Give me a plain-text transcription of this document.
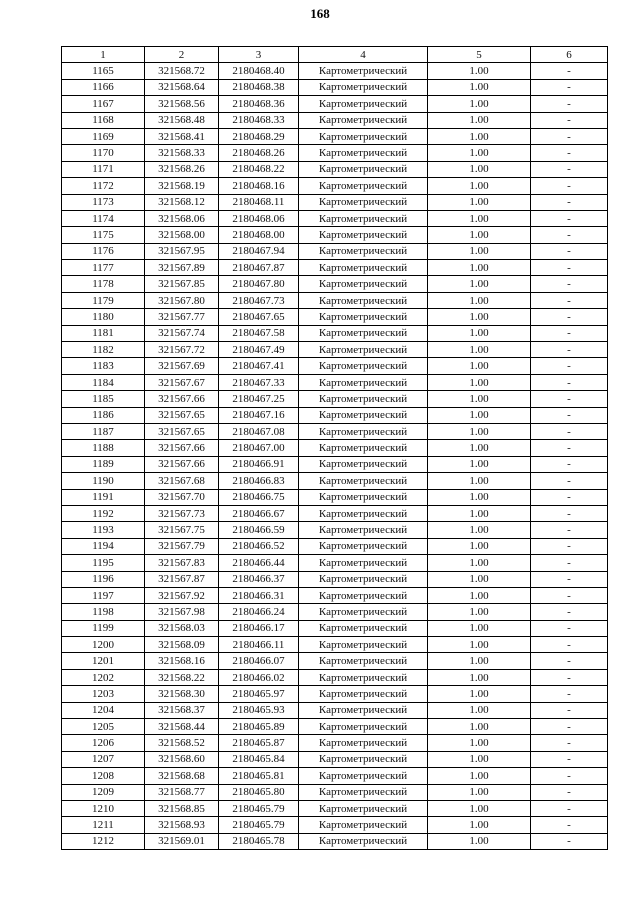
168
1	2	3	4	5	6
1165	321568.72	2180468.40	Картометрический	1.00	-
1166	321568.64	2180468.38	Картометрический	1.00	-
1167	321568.56	2180468.36	Картометрический	1.00	-
1168	321568.48	2180468.33	Картометрический	1.00	-
1169	321568.41	2180468.29	Картометрический	1.00	-
1170	321568.33	2180468.26	Картометрический	1.00	-
1171	321568.26	2180468.22	Картометрический	1.00	-
1172	321568.19	2180468.16	Картометрический	1.00	-
1173	321568.12	2180468.11	Картометрический	1.00	-
1174	321568.06	2180468.06	Картометрический	1.00	-
1175	321568.00	2180468.00	Картометрический	1.00	-
1176	321567.95	2180467.94	Картометрический	1.00	-
1177	321567.89	2180467.87	Картометрический	1.00	-
1178	321567.85	2180467.80	Картометрический	1.00	-
1179	321567.80	2180467.73	Картометрический	1.00	-
1180	321567.77	2180467.65	Картометрический	1.00	-
1181	321567.74	2180467.58	Картометрический	1.00	-
1182	321567.72	2180467.49	Картометрический	1.00	-
1183	321567.69	2180467.41	Картометрический	1.00	-
1184	321567.67	2180467.33	Картометрический	1.00	-
1185	321567.66	2180467.25	Картометрический	1.00	-
1186	321567.65	2180467.16	Картометрический	1.00	-
1187	321567.65	2180467.08	Картометрический	1.00	-
1188	321567.66	2180467.00	Картометрический	1.00	-
1189	321567.66	2180466.91	Картометрический	1.00	-
1190	321567.68	2180466.83	Картометрический	1.00	-
1191	321567.70	2180466.75	Картометрический	1.00	-
1192	321567.73	2180466.67	Картометрический	1.00	-
1193	321567.75	2180466.59	Картометрический	1.00	-
1194	321567.79	2180466.52	Картометрический	1.00	-
1195	321567.83	2180466.44	Картометрический	1.00	-
1196	321567.87	2180466.37	Картометрический	1.00	-
1197	321567.92	2180466.31	Картометрический	1.00	-
1198	321567.98	2180466.24	Картометрический	1.00	-
1199	321568.03	2180466.17	Картометрический	1.00	-
1200	321568.09	2180466.11	Картометрический	1.00	-
1201	321568.16	2180466.07	Картометрический	1.00	-
1202	321568.22	2180466.02	Картометрический	1.00	-
1203	321568.30	2180465.97	Картометрический	1.00	-
1204	321568.37	2180465.93	Картометрический	1.00	-
1205	321568.44	2180465.89	Картометрический	1.00	-
1206	321568.52	2180465.87	Картометрический	1.00	-
1207	321568.60	2180465.84	Картометрический	1.00	-
1208	321568.68	2180465.81	Картометрический	1.00	-
1209	321568.77	2180465.80	Картометрический	1.00	-
1210	321568.85	2180465.79	Картометрический	1.00	-
1211	321568.93	2180465.79	Картометрический	1.00	-
1212	321569.01	2180465.78	Картометрический	1.00	-
